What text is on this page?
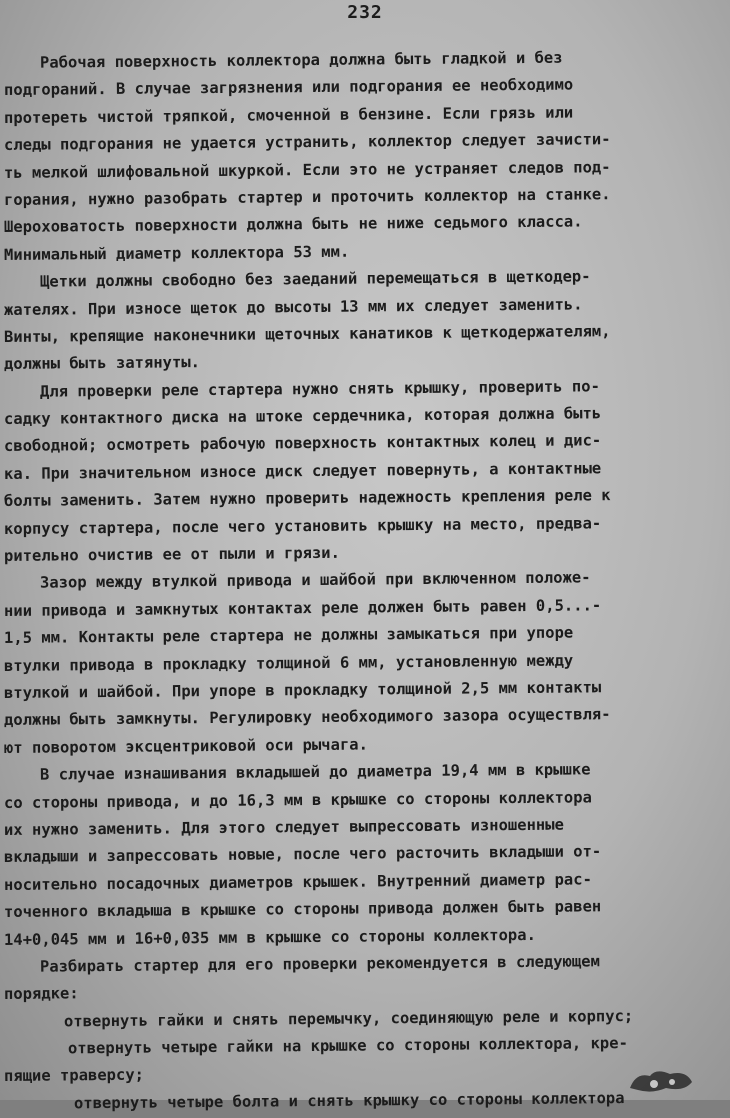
232
Рабочая поверхность коллектора должна быть гладкой и без
подгораний. В случае загрязнения или подгорания ее необходимо
протереть чистой тряпкой, смоченной в бензине. Если грязь или
следы подгорания не удается устранить, коллектор следует зачисти-
ть мелкой шлифовальной шкуркой. Если это не устраняет следов под-
горания, нужно разобрать стартер и проточить коллектор на станке.
Шероховатость поверхности должна быть не ниже седьмого класса.
Минимальный диаметр коллектора 53 мм.
Щетки должны свободно без заеданий перемещаться в щеткодер-
жателях. При износе щеток до высоты 13 мм их следует заменить.
Винты, крепящие наконечники щеточных канатиков к щеткодержателям,
должны быть затянуты.
Для проверки реле стартера нужно снять крышку, проверить по-
садку контактного диска на штоке сердечника, которая должна быть
свободной; осмотреть рабочую поверхность контактных колец и дис-
ка. При значительном износе диск следует повернуть, а контактные
болты заменить. Затем нужно проверить надежность крепления реле к
корпусу стартера, после чего установить крышку на место, предва-
рительно очистив ее от пыли и грязи.
Зазор между втулкой привода и шайбой при включенном положе-
нии привода и замкнутых контактах реле должен быть равен 0,5...-
1,5 мм. Контакты реле стартера не должны замыкаться при упоре
втулки привода в прокладку толщиной 6 мм, установленную между
втулкой и шайбой. При упоре в прокладку толщиной 2,5 мм контакты
должны быть замкнуты. Регулировку необходимого зазора осуществля-
ют поворотом эксцентриковой оси рычага.
В случае изнашивания вкладышей до диаметра 19,4 мм в крышке
со стороны привода, и до 16,3 мм в крышке со стороны коллектора
их нужно заменить. Для этого следует выпрессовать изношенные
вкладыши и запрессовать новые, после чего расточить вкладыши от-
носительно посадочных диаметров крышек. Внутренний диаметр рас-
точенного вкладыша в крышке со стороны привода должен быть равен
14+0,045 мм и 16+0,035 мм в крышке со стороны коллектора.
Разбирать стартер для его проверки рекомендуется в следующем
порядке:
отвернуть гайки и снять перемычку, соединяющую реле и корпус;
отвернуть четыре гайки на крышке со стороны коллектора, кре-
пящие траверсу;
отвернуть четыре болта и снять крышку со стороны коллектора
